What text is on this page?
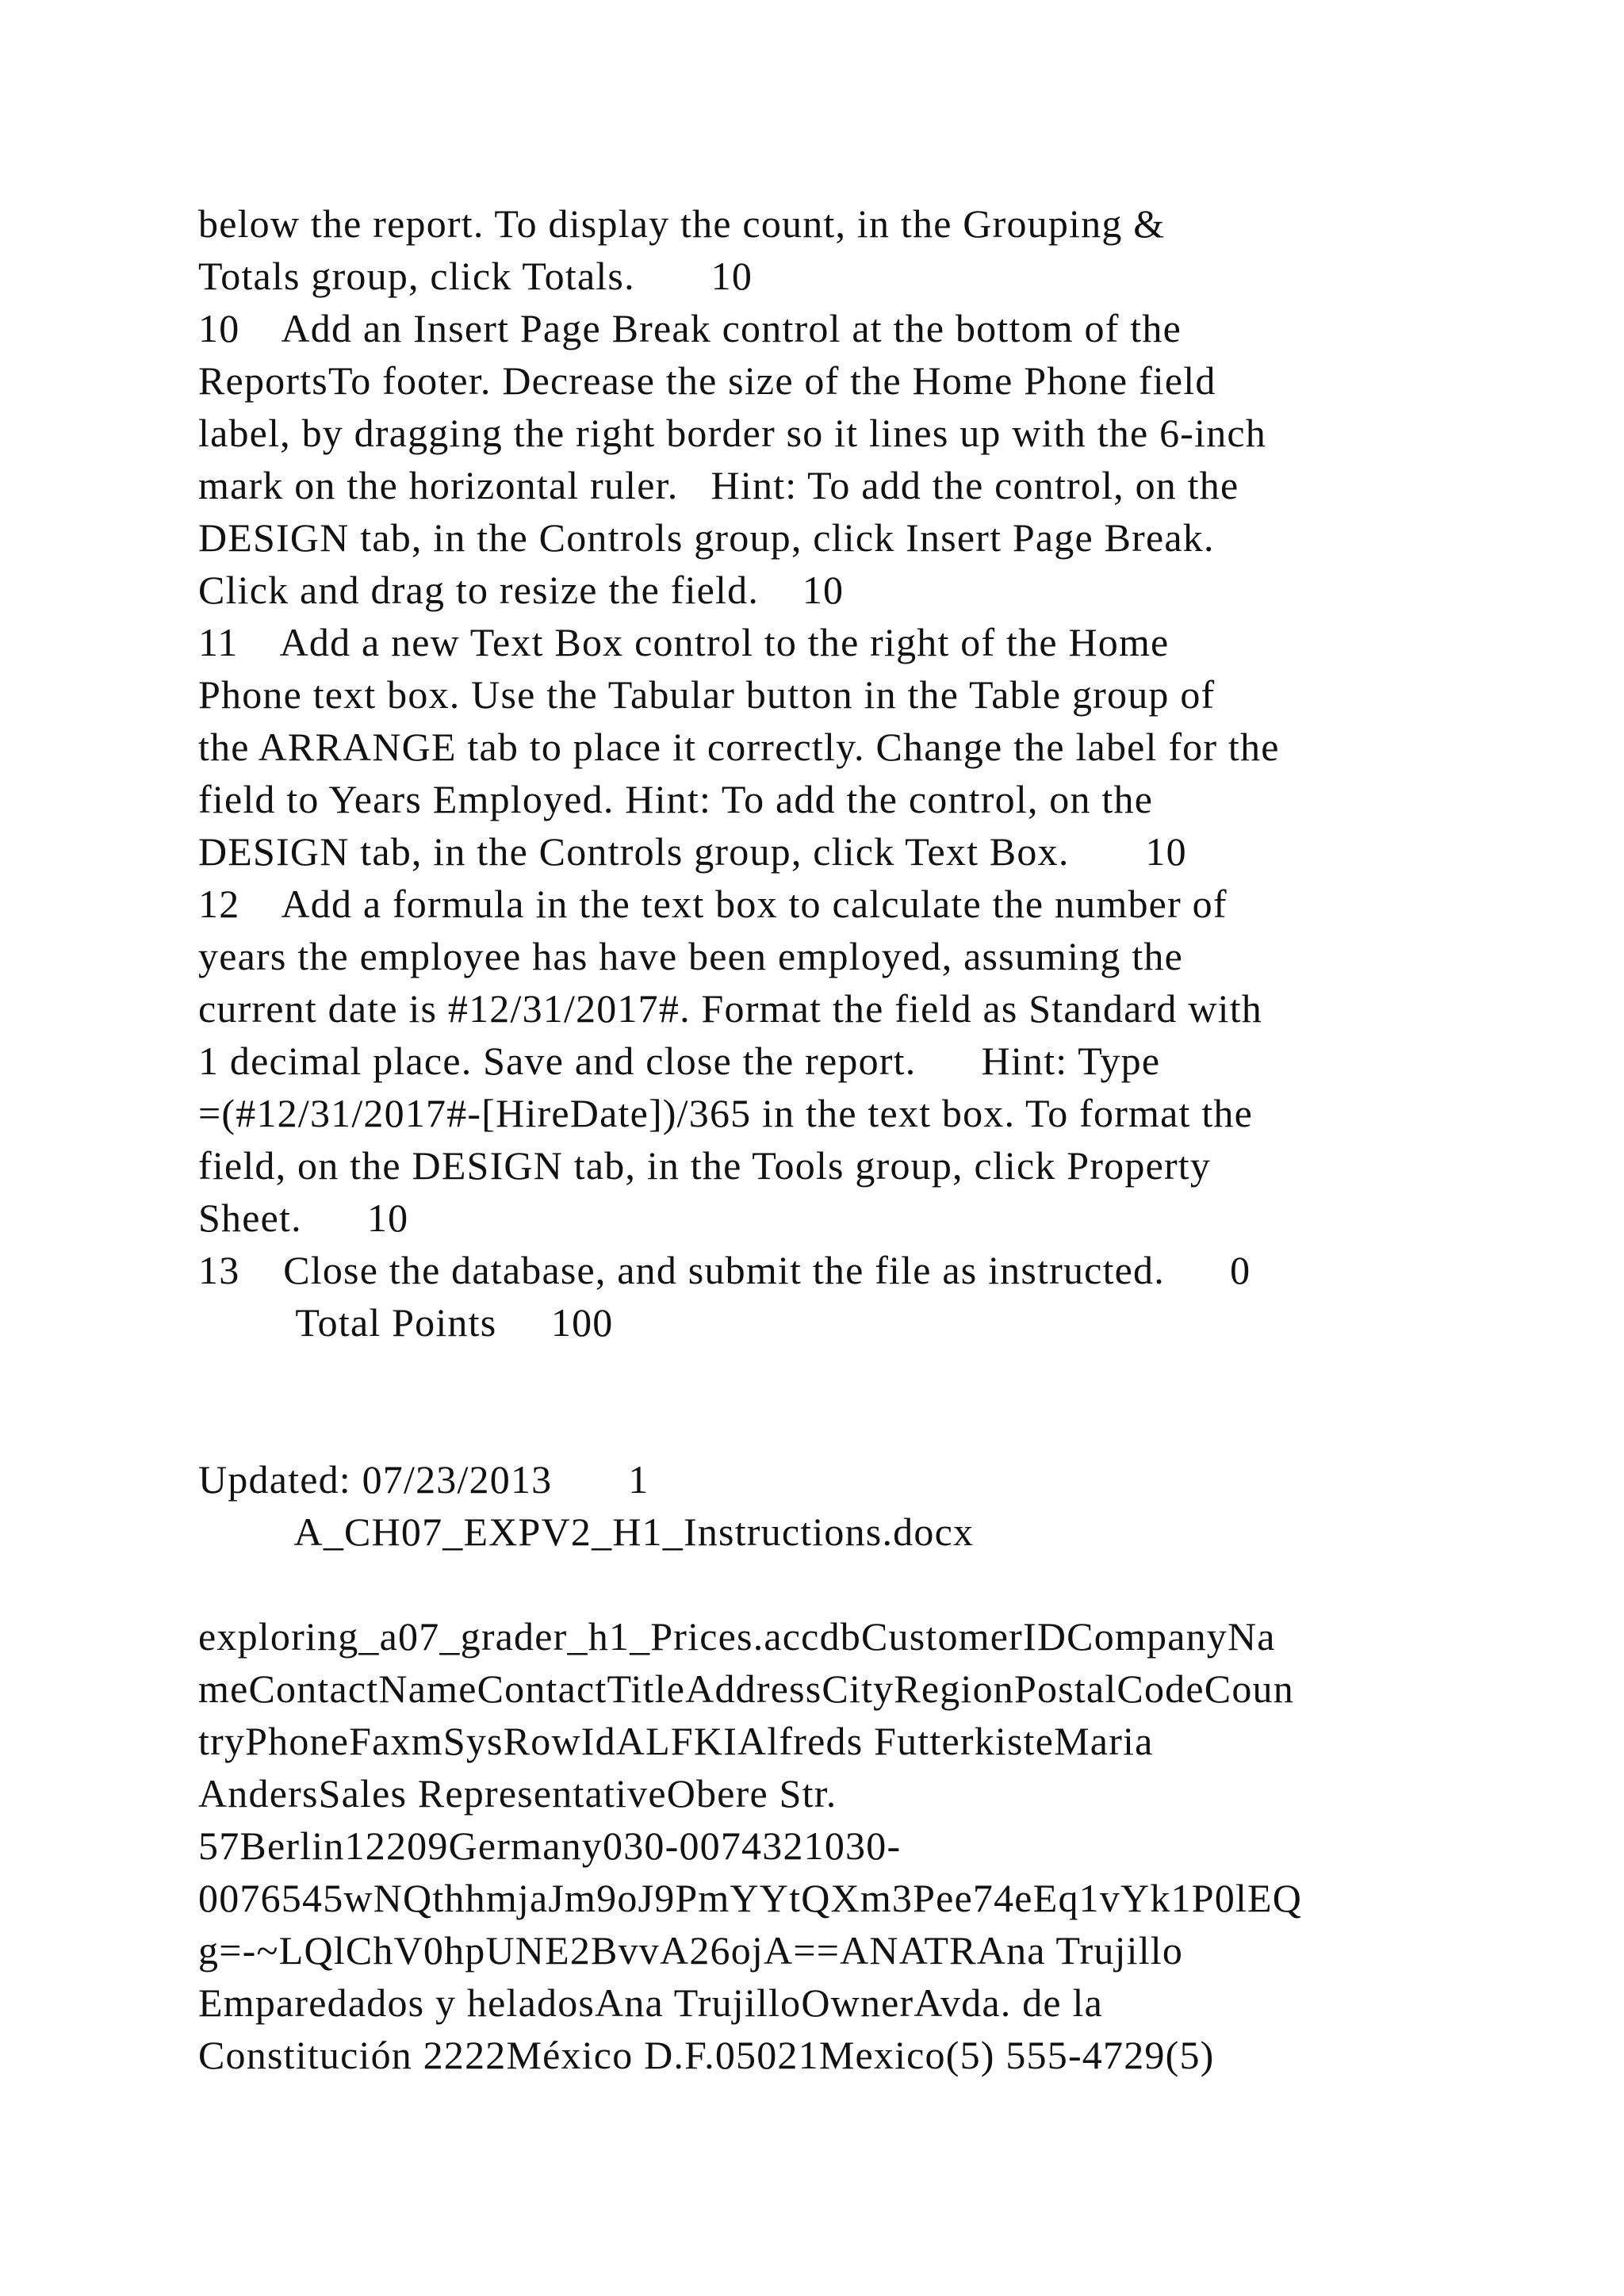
below the report. To display the count, in the Grouping &

Totals group, click Totals.       10

10    Add an Insert Page Break control at the bottom of the

ReportsTo footer. Decrease the size of the Home Phone field

label, by dragging the right border so it lines up with the 6-inch

mark on the horizontal ruler.   Hint: To add the control, on the

DESIGN tab, in the Controls group, click Insert Page Break.

Click and drag to resize the field.    10

11    Add a new Text Box control to the right of the Home

Phone text box. Use the Tabular button in the Table group of

the ARRANGE tab to place it correctly. Change the label for the

field to Years Employed. Hint: To add the control, on the

DESIGN tab, in the Controls group, click Text Box.       10

12    Add a formula in the text box to calculate the number of

years the employee has have been employed, assuming the

current date is #12/31/2017#. Format the field as Standard with

1 decimal place. Save and close the report.      Hint: Type

=(#12/31/2017#-[HireDate])/365 in the text box. To format the

field, on the DESIGN tab, in the Tools group, click Property

Sheet.      10

13    Close the database, and submit the file as instructed.      0

Total Points     100

Updated: 07/23/2013       1

A_CH07_EXPV2_H1_Instructions.docx

exploring_a07_grader_h1_Prices.accdbCustomerIDCompanyNa

meContactNameContactTitleAddressCityRegionPostalCodeCoun

tryPhoneFaxmSysRowIdALFKIAlfreds FutterkisteMaria

AndersSales RepresentativeObere Str.

57Berlin12209Germany030-0074321030-

0076545wNQthhmjaJm9oJ9PmYYtQXm3Pee74eEq1vYk1P0lEQ

g=-~LQlChV0hpUNE2BvvA26ojA==ANATRAna Trujillo

Emparedados y heladosAna TrujilloOwnerAvda. de la

Constitución 2222México D.F.05021Mexico(5) 555-4729(5)
